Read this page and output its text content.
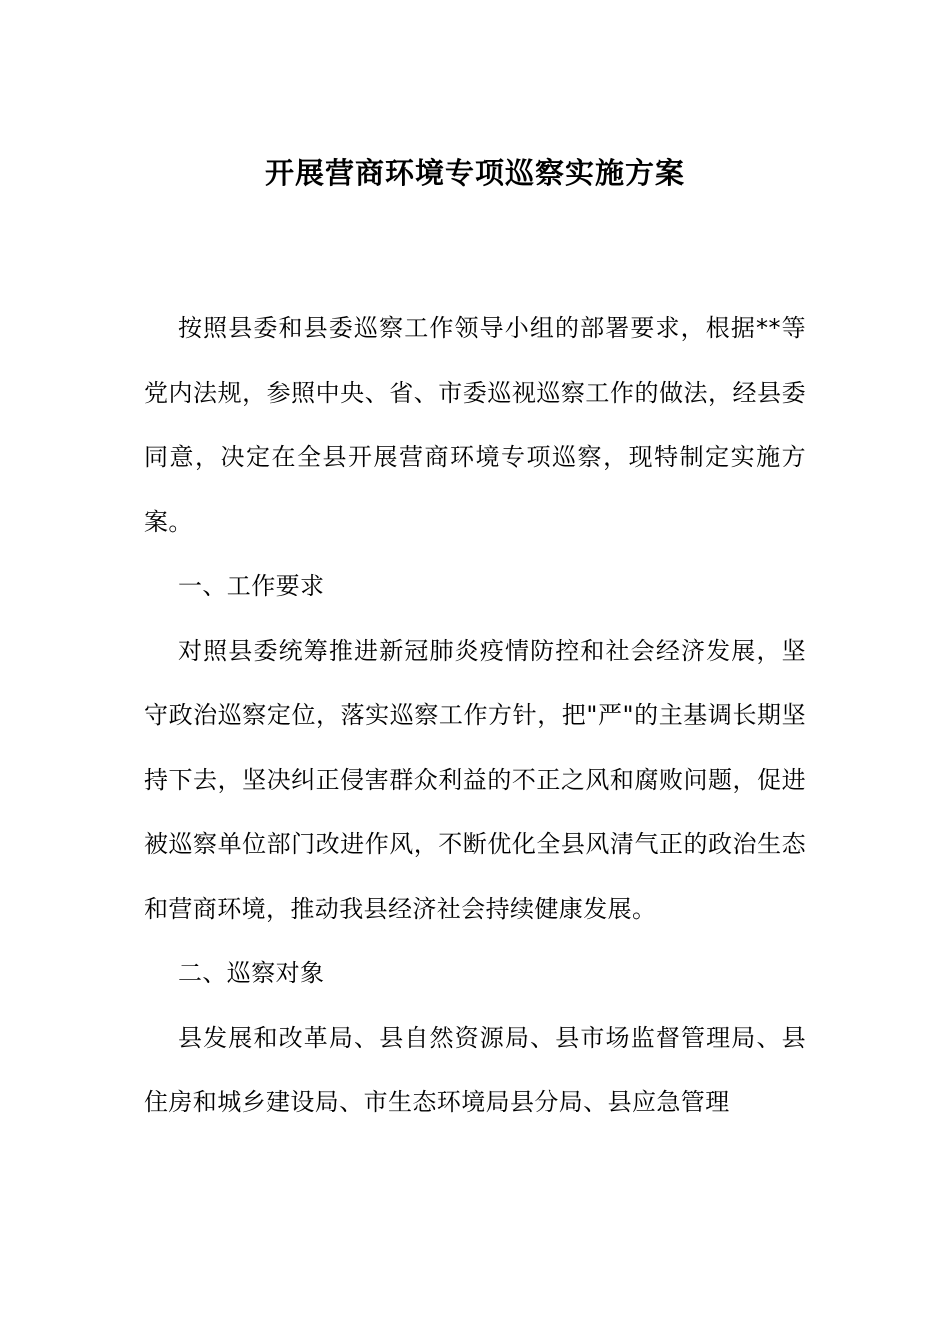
开展营商环境专项巡察实施方案

按照县委和县委巡察工作领导小组的部署要求，根据**等党内法规，参照中央、省、市委巡视巡察工作的做法，经县委同意，决定在全县开展营商环境专项巡察，现特制定实施方案。

一、工作要求

对照县委统筹推进新冠肺炎疫情防控和社会经济发展，坚守政治巡察定位，落实巡察工作方针，把"严"的主基调长期坚持下去，坚决纠正侵害群众利益的不正之风和腐败问题，促进被巡察单位部门改进作风，不断优化全县风清气正的政治生态和营商环境，推动我县经济社会持续健康发展。

二、巡察对象

县发展和改革局、县自然资源局、县市场监督管理局、县住房和城乡建设局、市生态环境局县分局、县应急管理
